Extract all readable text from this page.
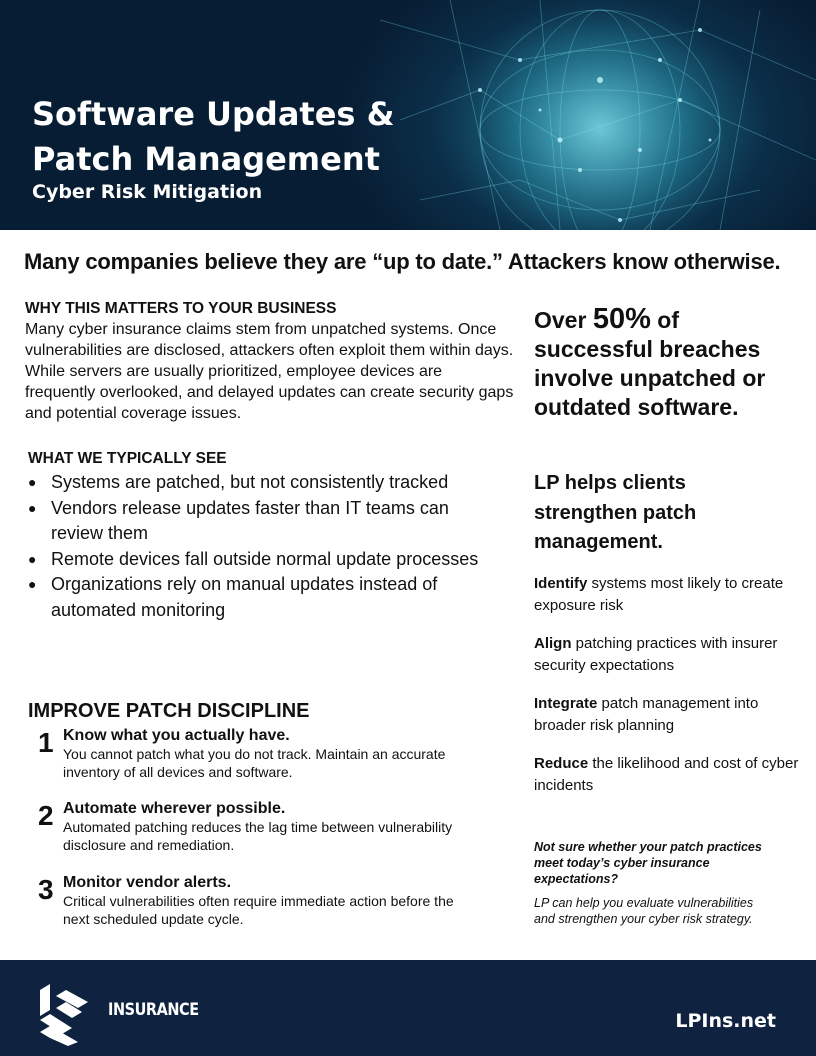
Software Updates & Patch Management
Cyber Risk Mitigation
Many companies believe they are “up to date.” Attackers know otherwise.
WHY THIS MATTERS TO YOUR BUSINESS

Many cyber insurance claims stem from unpatched systems. Once vulnerabilities are disclosed, attackers often exploit them within days. While servers are usually prioritized, employee devices are frequently overlooked, and delayed updates can create security gaps and potential coverage issues.

WHAT WE TYPICALLY SEE
● Systems are patched, but not consistently tracked
● Vendors release updates faster than IT teams can review them
● Remote devices fall outside normal update processes
● Organizations rely on manual updates instead of automated monitoring
IMPROVE PATCH DISCIPLINE
1 Know what you actually have.
You cannot patch what you do not track. Maintain an accurate inventory of all devices and software.
2 Automate wherever possible.
Automated patching reduces the lag time between vulnerability disclosure and remediation.
3 Monitor vendor alerts.
Critical vulnerabilities often require immediate action before the next scheduled update cycle.
Over 50% of successful breaches involve unpatched or outdated software.
LP helps clients strengthen patch management.
Identify systems most likely to create exposure risk
Align patching practices with insurer security expectations
Integrate patch management into broader risk planning
Reduce the likelihood and cost of cyber incidents
Not sure whether your patch practices meet today’s cyber insurance expectations?
LP can help you evaluate vulnerabilities and strengthen your cyber risk strategy.
INSURANCE	LPIns.net
